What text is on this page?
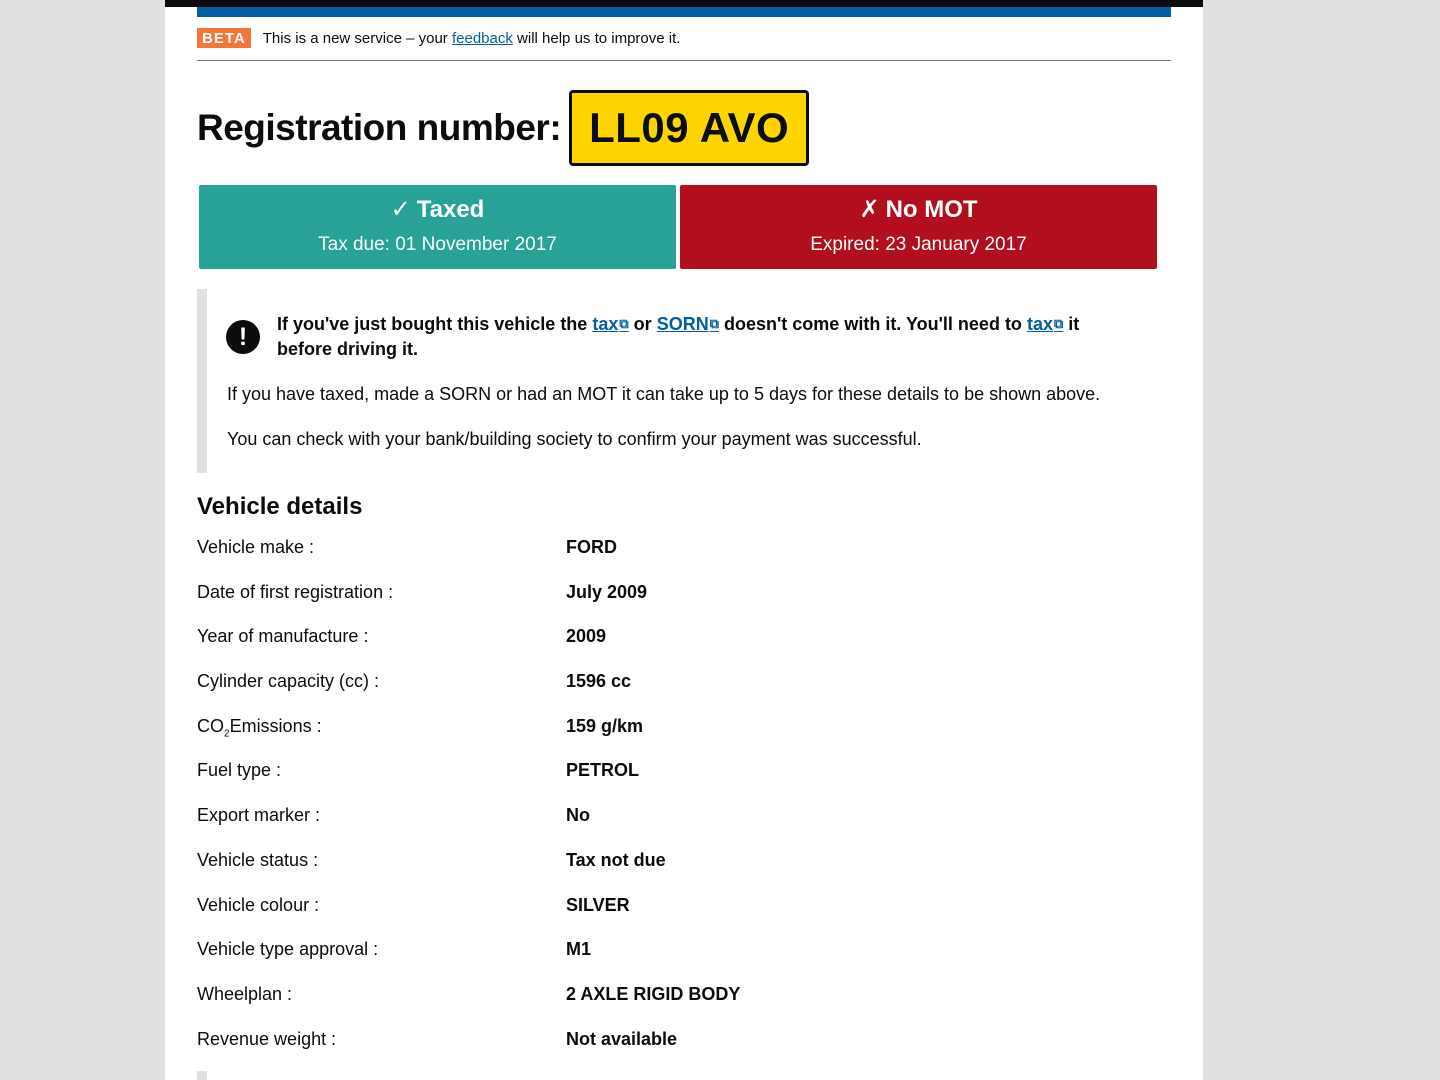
BETA	This is a new service – your
feedback
will help us to improve it.
Registration number: LL09 AVO
✓ Taxed
Tax due: 01 November 2017
✗ No MOT
Expired: 23 January 2017
!	If you've just bought this vehicle the tax⧉ or SORN⧉ doesn't come with it. You'll need to tax⧉ it before driving it.
If you have taxed, made a SORN or had an MOT it can take up to 5 days for these details to be shown above.
You can check with your bank/building society to confirm your payment was successful.
Vehicle details
Vehicle make :	FORD
Date of first registration :	July 2009
Year of manufacture :	2009
Cylinder capacity (cc) :	1596 cc
$CO_2Emissions$ :	159 g/km
Fuel type :	PETROL
Export marker :	No
Vehicle status :	Tax not due
Vehicle colour :	SILVER
Vehicle type approval :	M1
Wheelplan :	2 AXLE RIGID BODY
Revenue weight :	Not available
